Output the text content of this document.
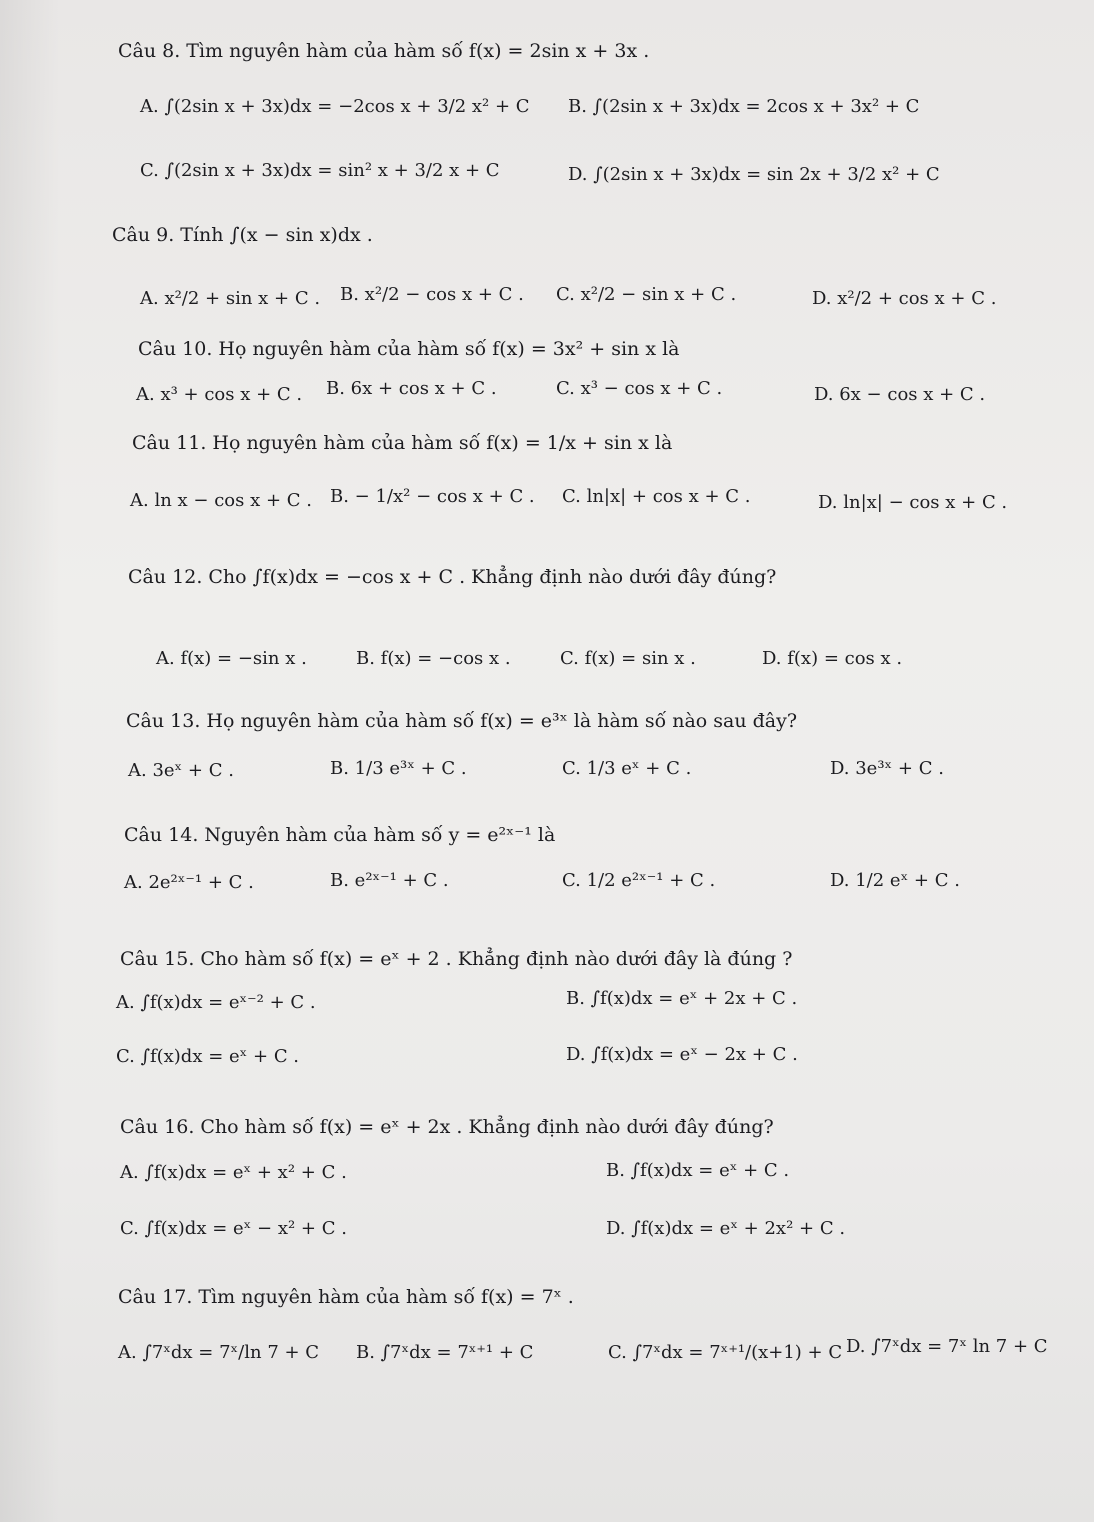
Câu 8. Tìm nguyên hàm của hàm số f(x) = 2sin x + 3x .
A. ∫(2sin x + 3x)dx = −2cos x + 3/2 x² + C B. ∫(2sin x + 3x)dx = 2cos x + 3x² + C
C. ∫(2sin x + 3x)dx = sin² x + 3/2 x + C	D. ∫(2sin x + 3x)dx = sin 2x + 3/2 x² + C
Câu 9. Tính ∫(x − sin x)dx .
A. x²/2 + sin x + C . B. x²/2 − cos x + C . C. x²/2 − sin x + C .	D. x²/2 + cos x + C .
Câu 10. Họ nguyên hàm của hàm số f(x) = 3x² + sin x là
A. x³ + cos x + C . B. 6x + cos x + C .	C. x³ − cos x + C .	D. 6x − cos x + C .
Câu 11. Họ nguyên hàm của hàm số f(x) = 1/x + sin x là
A. ln x − cos x + C . B. − 1/x² − cos x + C . C. ln|x| + cos x + C .	D. ln|x| − cos x + C .
Câu 12. Cho ∫f(x)dx = −cos x + C . Khẳng định nào dưới đây đúng?
A. f(x) = −sin x .	B. f(x) = −cos x .	C. f(x) = sin x .	D. f(x) = cos x .
Câu 13. Họ nguyên hàm của hàm số f(x) = e³ˣ là hàm số nào sau đây?
A. 3eˣ + C .	B. 1/3 e³ˣ + C .	C. 1/3 eˣ + C .	D. 3e³ˣ + C .
Câu 14. Nguyên hàm của hàm số y = e²ˣ⁻¹ là
A. 2e²ˣ⁻¹ + C .	B. e²ˣ⁻¹ + C .	C. 1/2 e²ˣ⁻¹ + C .	D. 1/2 eˣ + C .
Câu 15. Cho hàm số f(x) = eˣ + 2 . Khẳng định nào dưới đây là đúng ?
A. ∫f(x)dx = eˣ⁻² + C .	B. ∫f(x)dx = eˣ + 2x + C .
C. ∫f(x)dx = eˣ + C .	D. ∫f(x)dx = eˣ − 2x + C .
Câu 16. Cho hàm số f(x) = eˣ + 2x . Khẳng định nào dưới đây đúng?
A. ∫f(x)dx = eˣ + x² + C .	B. ∫f(x)dx = eˣ + C .
C. ∫f(x)dx = eˣ − x² + C .	D. ∫f(x)dx = eˣ + 2x² + C .
Câu 17. Tìm nguyên hàm của hàm số f(x) = 7ˣ .
A. ∫7ˣdx = 7ˣ/ln 7 + C B. ∫7ˣdx = 7ˣ⁺¹ + C	C. ∫7ˣdx = 7ˣ⁺¹/(x+1) + C D. ∫7ˣdx = 7ˣ ln 7 + C
